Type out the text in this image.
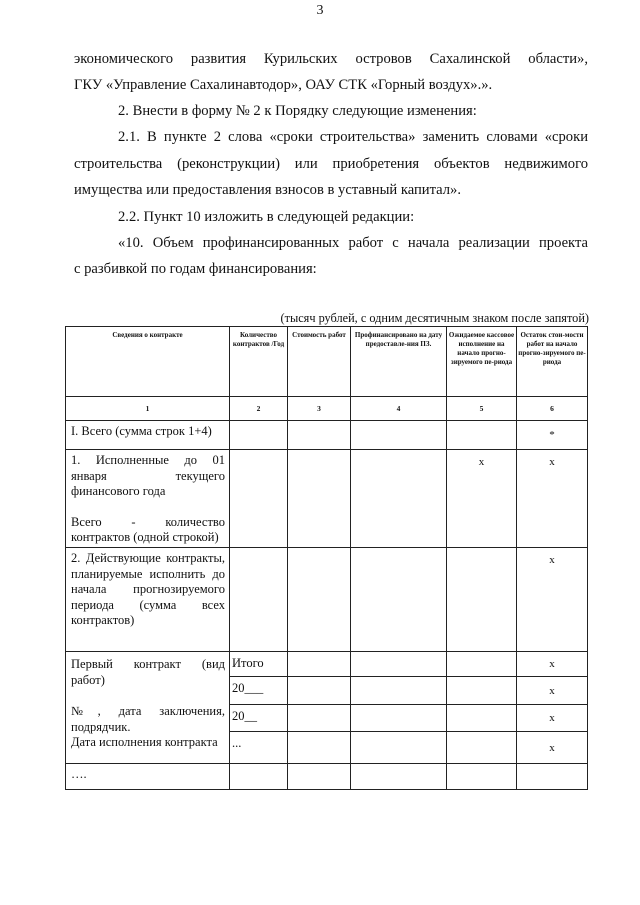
3
экономического развития Курильских островов Сахалинской области»,
ГКУ «Управление Сахалинавтодор», ОАУ СТК «Горный воздух».».
2. Внести в форму № 2 к Порядку следующие изменения:
2.1. В пункте 2 слова «сроки строительства» заменить словами «сроки
строительства (реконструкции) или приобретения объектов недвижимого
имущества или предоставления взносов в уставный капитал».
2.2. Пункт 10 изложить в следующей редакции:
«10. Объем профинансированных работ с начала реализации проекта
с разбивкой по годам финансирования:
(тысяч рублей, с одним десятичным знаком после запятой)
Сведения о контракте	Количество контрактов /Год	Стоимость работ	Профинансировано на дату предоставле-ния ПЗ.	Ожидаемое кассовое исполнение на начало прогно-зируемого пе-риода	Остаток стои-мости работ на начало прогно-зируемого пе-риода
1	2	3	4	5	6
I. Всего (сумма строк 1+4)					*

1. Исполненные до 01 января текущего финансового года

Всего - количество контрактов (одной строкой)				x	x

2. Действующие контракты, планируемые исполнить до начала прогнозируемого периода (сумма всех контрактов)					x

Первый контракт (вид
работ)
№, дата заключения,
подрядчик.
Дата исполнения контракта	Итого				x
	20___				x
	20__				x
	...				x
….					
